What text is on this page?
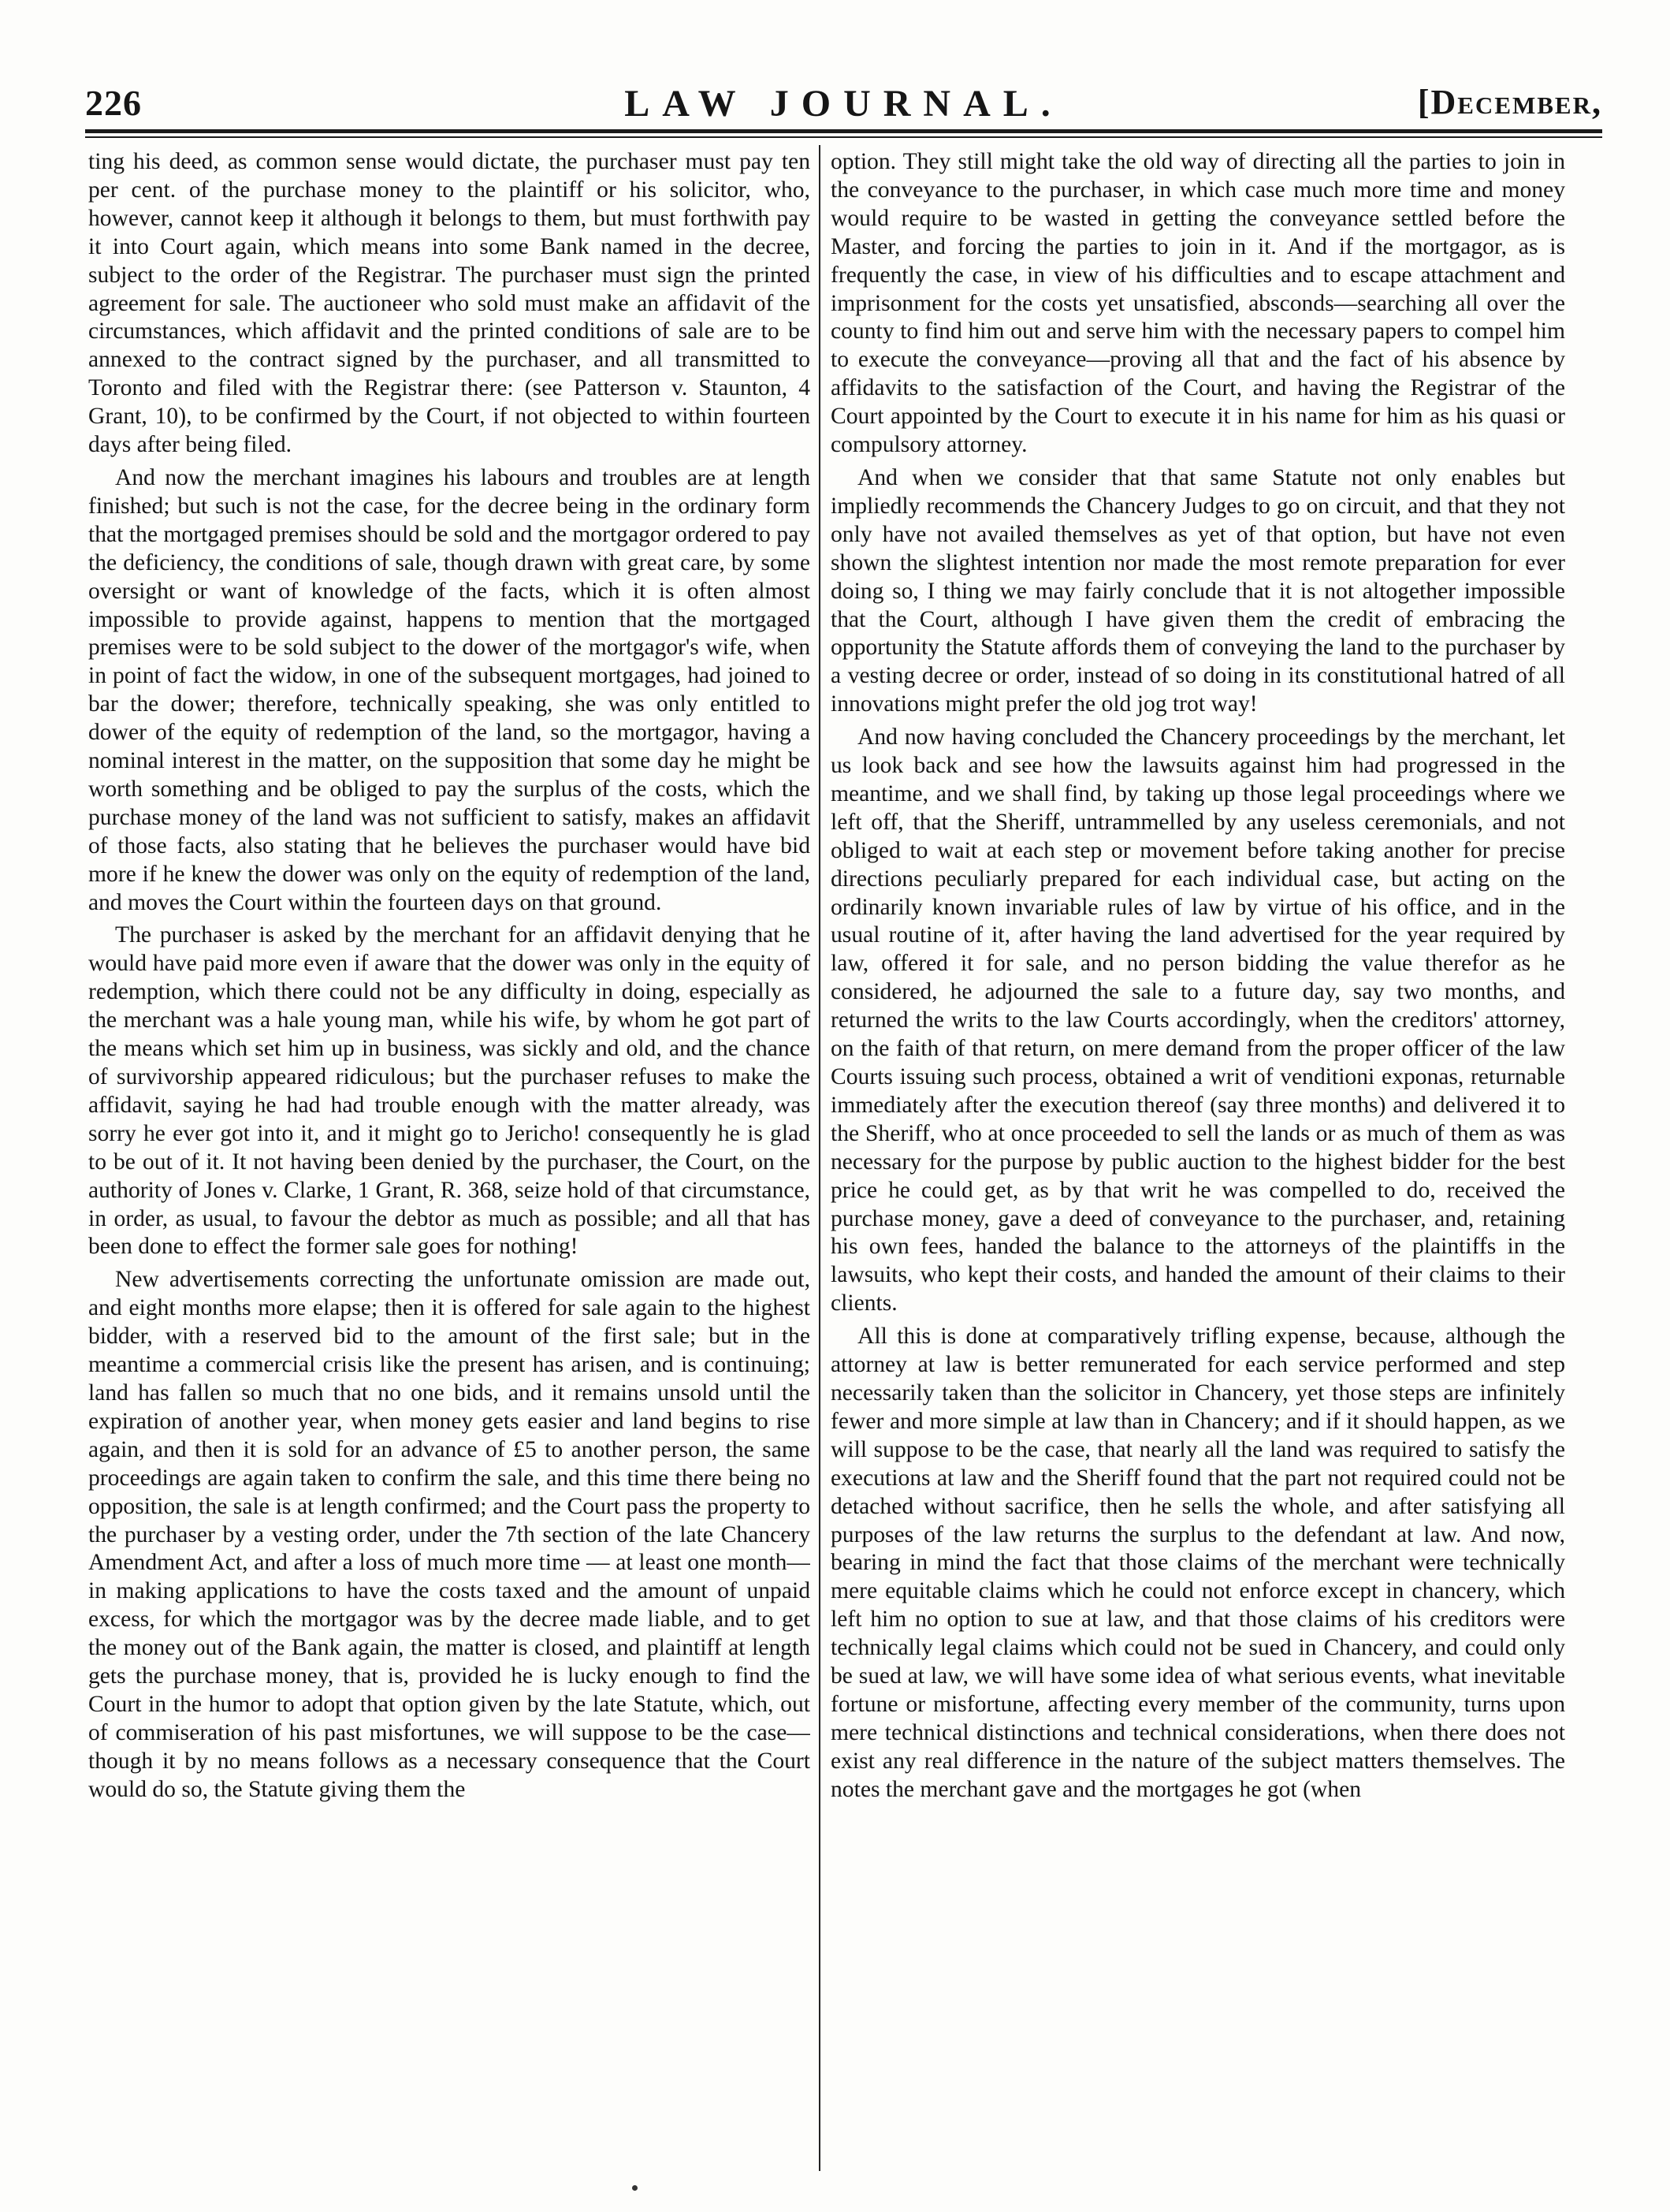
226	LAW JOURNAL.	[December,

ting his deed, as common sense would dictate, the purchaser must pay ten per cent. of the purchase money to the plaintiff or his solicitor, who, however, cannot keep it although it belongs to them, but must forthwith pay it into Court again, which means into some Bank named in the decree, subject to the order of the Registrar. The purchaser must sign the printed agreement for sale. The auctioneer who sold must make an affidavit of the circumstances, which affidavit and the printed conditions of sale are to be annexed to the contract signed by the purchaser, and all transmitted to Toronto and filed with the Registrar there: (see Patterson v. Staunton, 4 Grant, 10), to be confirmed by the Court, if not objected to within fourteen days after being filed.

And now the merchant imagines his labours and troubles are at length finished; but such is not the case, for the decree being in the ordinary form that the mortgaged premises should be sold and the mortgagor ordered to pay the deficiency, the conditions of sale, though drawn with great care, by some oversight or want of knowledge of the facts, which it is often almost impossible to provide against, happens to mention that the mortgaged premises were to be sold subject to the dower of the mortgagor's wife, when in point of fact the widow, in one of the subsequent mortgages, had joined to bar the dower; therefore, technically speaking, she was only entitled to dower of the equity of redemption of the land, so the mortgagor, having a nominal interest in the matter, on the supposition that some day he might be worth something and be obliged to pay the surplus of the costs, which the purchase money of the land was not sufficient to satisfy, makes an affidavit of those facts, also stating that he believes the purchaser would have bid more if he knew the dower was only on the equity of redemption of the land, and moves the Court within the fourteen days on that ground.

The purchaser is asked by the merchant for an affidavit denying that he would have paid more even if aware that the dower was only in the equity of redemption, which there could not be any difficulty in doing, especially as the merchant was a hale young man, while his wife, by whom he got part of the means which set him up in business, was sickly and old, and the chance of survivorship appeared ridiculous; but the purchaser refuses to make the affidavit, saying he had had trouble enough with the matter already, was sorry he ever got into it, and it might go to Jericho! consequently he is glad to be out of it. It not having been denied by the purchaser, the Court, on the authority of Jones v. Clarke, 1 Grant, R. 368, seize hold of that circumstance, in order, as usual, to favour the debtor as much as possible; and all that has been done to effect the former sale goes for nothing!

New advertisements correcting the unfortunate omission are made out, and eight months more elapse; then it is offered for sale again to the highest bidder, with a reserved bid to the amount of the first sale; but in the meantime a commercial crisis like the present has arisen, and is continuing; land has fallen so much that no one bids, and it remains unsold until the expiration of another year, when money gets easier and land begins to rise again, and then it is sold for an advance of £5 to another person, the same proceedings are again taken to confirm the sale, and this time there being no opposition, the sale is at length confirmed; and the Court pass the property to the purchaser by a vesting order, under the 7th section of the late Chancery Amendment Act, and after a loss of much more time — at least one month—in making applications to have the costs taxed and the amount of unpaid excess, for which the mortgagor was by the decree made liable, and to get the money out of the Bank again, the matter is closed, and plaintiff at length gets the purchase money, that is, provided he is lucky enough to find the Court in the humor to adopt that option given by the late Statute, which, out of commiseration of his past misfortunes, we will suppose to be the case—though it by no means follows as a necessary consequence that the Court would do so, the Statute giving them the

option. They still might take the old way of directing all the parties to join in the conveyance to the purchaser, in which case much more time and money would require to be wasted in getting the conveyance settled before the Master, and forcing the parties to join in it. And if the mortgagor, as is frequently the case, in view of his difficulties and to escape attachment and imprisonment for the costs yet unsatisfied, absconds—searching all over the county to find him out and serve him with the necessary papers to compel him to execute the conveyance—proving all that and the fact of his absence by affidavits to the satisfaction of the Court, and having the Registrar of the Court appointed by the Court to execute it in his name for him as his quasi or compulsory attorney.

And when we consider that that same Statute not only enables but impliedly recommends the Chancery Judges to go on circuit, and that they not only have not availed themselves as yet of that option, but have not even shown the slightest intention nor made the most remote preparation for ever doing so, I thing we may fairly conclude that it is not altogether impossible that the Court, although I have given them the credit of embracing the opportunity the Statute affords them of conveying the land to the purchaser by a vesting decree or order, instead of so doing in its constitutional hatred of all innovations might prefer the old jog trot way!

And now having concluded the Chancery proceedings by the merchant, let us look back and see how the lawsuits against him had progressed in the meantime, and we shall find, by taking up those legal proceedings where we left off, that the Sheriff, untrammelled by any useless ceremonials, and not obliged to wait at each step or movement before taking another for precise directions peculiarly prepared for each individual case, but acting on the ordinarily known invariable rules of law by virtue of his office, and in the usual routine of it, after having the land advertised for the year required by law, offered it for sale, and no person bidding the value therefor as he considered, he adjourned the sale to a future day, say two months, and returned the writs to the law Courts accordingly, when the creditors' attorney, on the faith of that return, on mere demand from the proper officer of the law Courts issuing such process, obtained a writ of venditioni exponas, returnable immediately after the execution thereof (say three months) and delivered it to the Sheriff, who at once proceeded to sell the lands or as much of them as was necessary for the purpose by public auction to the highest bidder for the best price he could get, as by that writ he was compelled to do, received the purchase money, gave a deed of conveyance to the purchaser, and, retaining his own fees, handed the balance to the attorneys of the plaintiffs in the lawsuits, who kept their costs, and handed the amount of their claims to their clients.

All this is done at comparatively trifling expense, because, although the attorney at law is better remunerated for each service performed and step necessarily taken than the solicitor in Chancery, yet those steps are infinitely fewer and more simple at law than in Chancery; and if it should happen, as we will suppose to be the case, that nearly all the land was required to satisfy the executions at law and the Sheriff found that the part not required could not be detached without sacrifice, then he sells the whole, and after satisfying all purposes of the law returns the surplus to the defendant at law. And now, bearing in mind the fact that those claims of the merchant were technically mere equitable claims which he could not enforce except in chancery, which left him no option to sue at law, and that those claims of his creditors were technically legal claims which could not be sued in Chancery, and could only be sued at law, we will have some idea of what serious events, what inevitable fortune or misfortune, affecting every member of the community, turns upon mere technical distinctions and technical considerations, when there does not exist any real difference in the nature of the subject matters themselves. The notes the merchant gave and the mortgages he got (when
